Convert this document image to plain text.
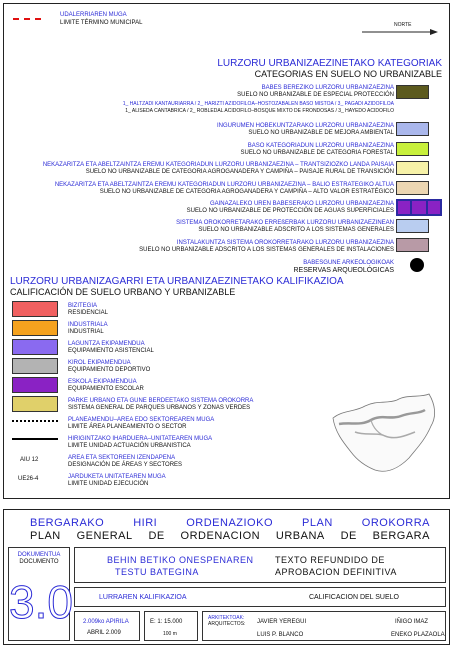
UDALERRIAREN MUGA
LIMITE TÉRMINO MUNICIPAL	NORTE
LURZORU URBANIZAEZINETAKO KATEGORIAK
CATEGORIAS EN SUELO NO URBANIZABLE
BABES BEREZIKO LURZORU URBANIZAEZINA
SUELO NO URBANIZABLE DE ESPECIAL PROTECCIÓN
1_ HALTZADI KANTAURIARRA / 2_ HARIZTI AZIDOFILOA–HOSTOZABALEN BASO MISTOA / 3_ PAGADI AZIDOFILOA
1_ ALISEDA CANTABRICA / 2_ ROBLEDAL ACIDOFILO–BOSQUE MIXTO DE FRONDOSAS / 3_ HAYEDO ACIDOFILO
INGURUMEN HOBEKUNTZARAKO LURZORU URBANIZAEZINA
SUELO NO URBANIZABLE DE MEJORA AMBIENTAL
BASO KATEGORIADUN LURZORU URBANIZAEZINA
SUELO NO URBANIZABLE DE CATEGORIA FORESTAL
NEKAZARITZA ETA ABELTZAINTZA EREMU KATEGORIADUN LURZORU URBANIZAEZINA – TRANTSIZIOZKO LANDA PAISAIA
SUELO NO URBANIZABLE DE CATEGORIA AGROGANADERA Y CAMPIÑA – PAISAJE RURAL DE TRANSICIÓN
NEKAZARITZA ETA ABELTZAINTZA EREMU KATEGORIADUN LURZORU URBANIZAEZINA – BALIO ESTRATEGIKO ALTUA
SUELO NO URBANIZABLE DE CATEGORIA AGROGANADERA Y CAMPIÑA – ALTO VALOR ESTRATÉGICO
GAINAZALEKO UREN BABESERAKO LURZORU URBANIZAEZINA
SUELO NO URBANIZABLE DE PROTECCIÓN DE AGUAS SUPERFICIALES
SISTEMA OROKORRETARAKO ERREßERBAK LURZORU URBANIZAEZINEAN
SUELO NO URBANIZABLE ADSCRITO A LOS SISTEMAS GENERALES
INSTALAKUNTZA SISTEMA OROKORRETARAKO LURZORU URBANIZAEZINA
SUELO NO URBANIZABLE ADSCRITO A LOS SISTEMAS GENERALES DE INSTALACIONES
BABESGUNE ARKEOLOGIKOAK
RESERVAS ARQUEOLÓGICAS
LURZORU URBANIZAGARRI ETA URBANIZAEZINETAKO KALIFIKAZIOA
CALIFICACIÓN DE SUELO URBANO Y URBANIZABLE
BIZITEGIA
RESIDENCIAL
INDUSTRIALA
INDUSTRIAL
LAGUNTZA EKIPAMENDUA
EQUIPAMIENTO ASISTENCIAL
KIROL EKIPAMENDUA
EQUIPAMIENTO DEPORTIVO
ESKOLA EKIPAMENDUA
EQUIPAMIENTO ESCOLAR
PARKE URBANO ETA GUNE BERDEETAKO SISTEMA OROKORRA
SISTEMA GENERAL DE PARQUES URBANOS Y ZONAS VERDES
PLANEAMENDU–AREA EDO SEKTOREAREN MUGA
LIMITE ÁREA PLANEAMIENTO O SECTOR
HIRIGINTZAKO IHARDUERA–UNITATEAREN MUGA
LIMITE UNIDAD ACTUACIÓN URBANISTICA
AIU 12	AREA ETA SEKTOREEN IZENDAPENA
DESIGNACIÓN DE ÁREAS Y SECTORES
UE26-4	JARDUKETA UNITATEAREN MUGA
LIMITE UNIDAD EJECUCIÓN
BERGARAKO	HIRI	ORDENAZIOKO	PLAN	OROKORRA
PLAN GENERAL DE ORDENACION URBANA DE BERGARA
DOKUMENTUA
DOCUMENTO
3.0
BEHIN BETIKO ONESPENAREN
TESTU BATEGINA
TEXTO REFUNDIDO DE
APROBACION DEFINITIVA
LURRAREN KALIFIKAZIOA	CALIFICACION DEL SUELO
2.009ko APIRILA
ABRIL 2.009
E: 1: 15.000
100 m
ARKITEKTOAK:
ARQUITECTOS: JAVIER YEREGUI	IÑIGO IMAZ
LUIS P. BLANCO	ENEKO PLAZAOLA
